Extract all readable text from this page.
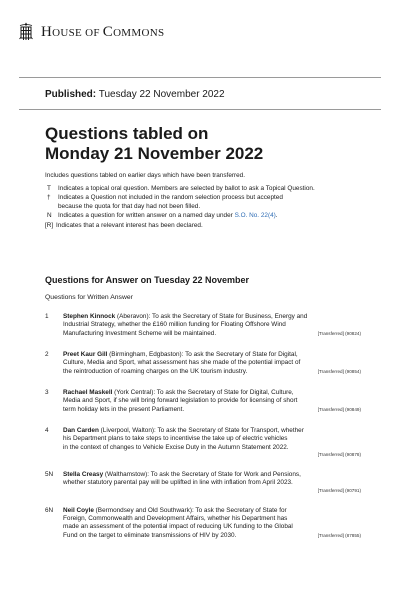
HOUSE OF COMMONS
Published: Tuesday 22 November 2022
Questions tabled on
Monday 21 November 2022
Includes questions tabled on earlier days which have been transferred.
T	Indicates a topical oral question. Members are selected by ballot to ask a Topical Question.
†	Indicates a Question not included in the random selection process but accepted because the quota for that day had not been filled.
N Indicates a question for written answer on a named day under S.O. No. 22(4).
[R] Indicates that a relevant interest has been declared.
Questions for Answer on Tuesday 22 November
Questions for Written Answer
1	Stephen Kinnock (Aberavon): To ask the Secretary of State for Business, Energy and
Industrial Strategy, whether the £160 million funding for Floating Offshore Wind
Manufacturing Investment Scheme will be maintained.	[Transferred] (90824)
2	Preet Kaur Gill (Birmingham, Edgbaston): To ask the Secretary of State for Digital,
Culture, Media and Sport, what assessment has she made of the potential impact of
the reintroduction of roaming charges on the UK tourism industry.	[Transferred] (90854)
3	Rachael Maskell (York Central): To ask the Secretary of State for Digital, Culture,
Media and Sport, if she will bring forward legislation to provide for licensing of short
term holiday lets in the present Parliament.	[Transferred] (90849)
4	Dan Carden (Liverpool, Walton): To ask the Secretary of State for Transport, whether
his Department plans to take steps to incentivise the take up of electric vehicles
in the context of changes to Vehicle Excise Duty in the Autumn Statement 2022.
[Transferred] (90878)
5N	Stella Creasy (Walthamstow): To ask the Secretary of State for Work and Pensions,
whether statutory parental pay will be uplifted in line with inflation from April 2023.
[Transferred] (90791)
6N	Neil Coyle (Bermondsey and Old Southwark): To ask the Secretary of State for
Foreign, Commonwealth and Development Affairs, whether his Department has
made an assessment of the potential impact of reducing UK funding to the Global
Fund on the target to eliminate transmissions of HIV by 2030.	[Transferred] (87855)
